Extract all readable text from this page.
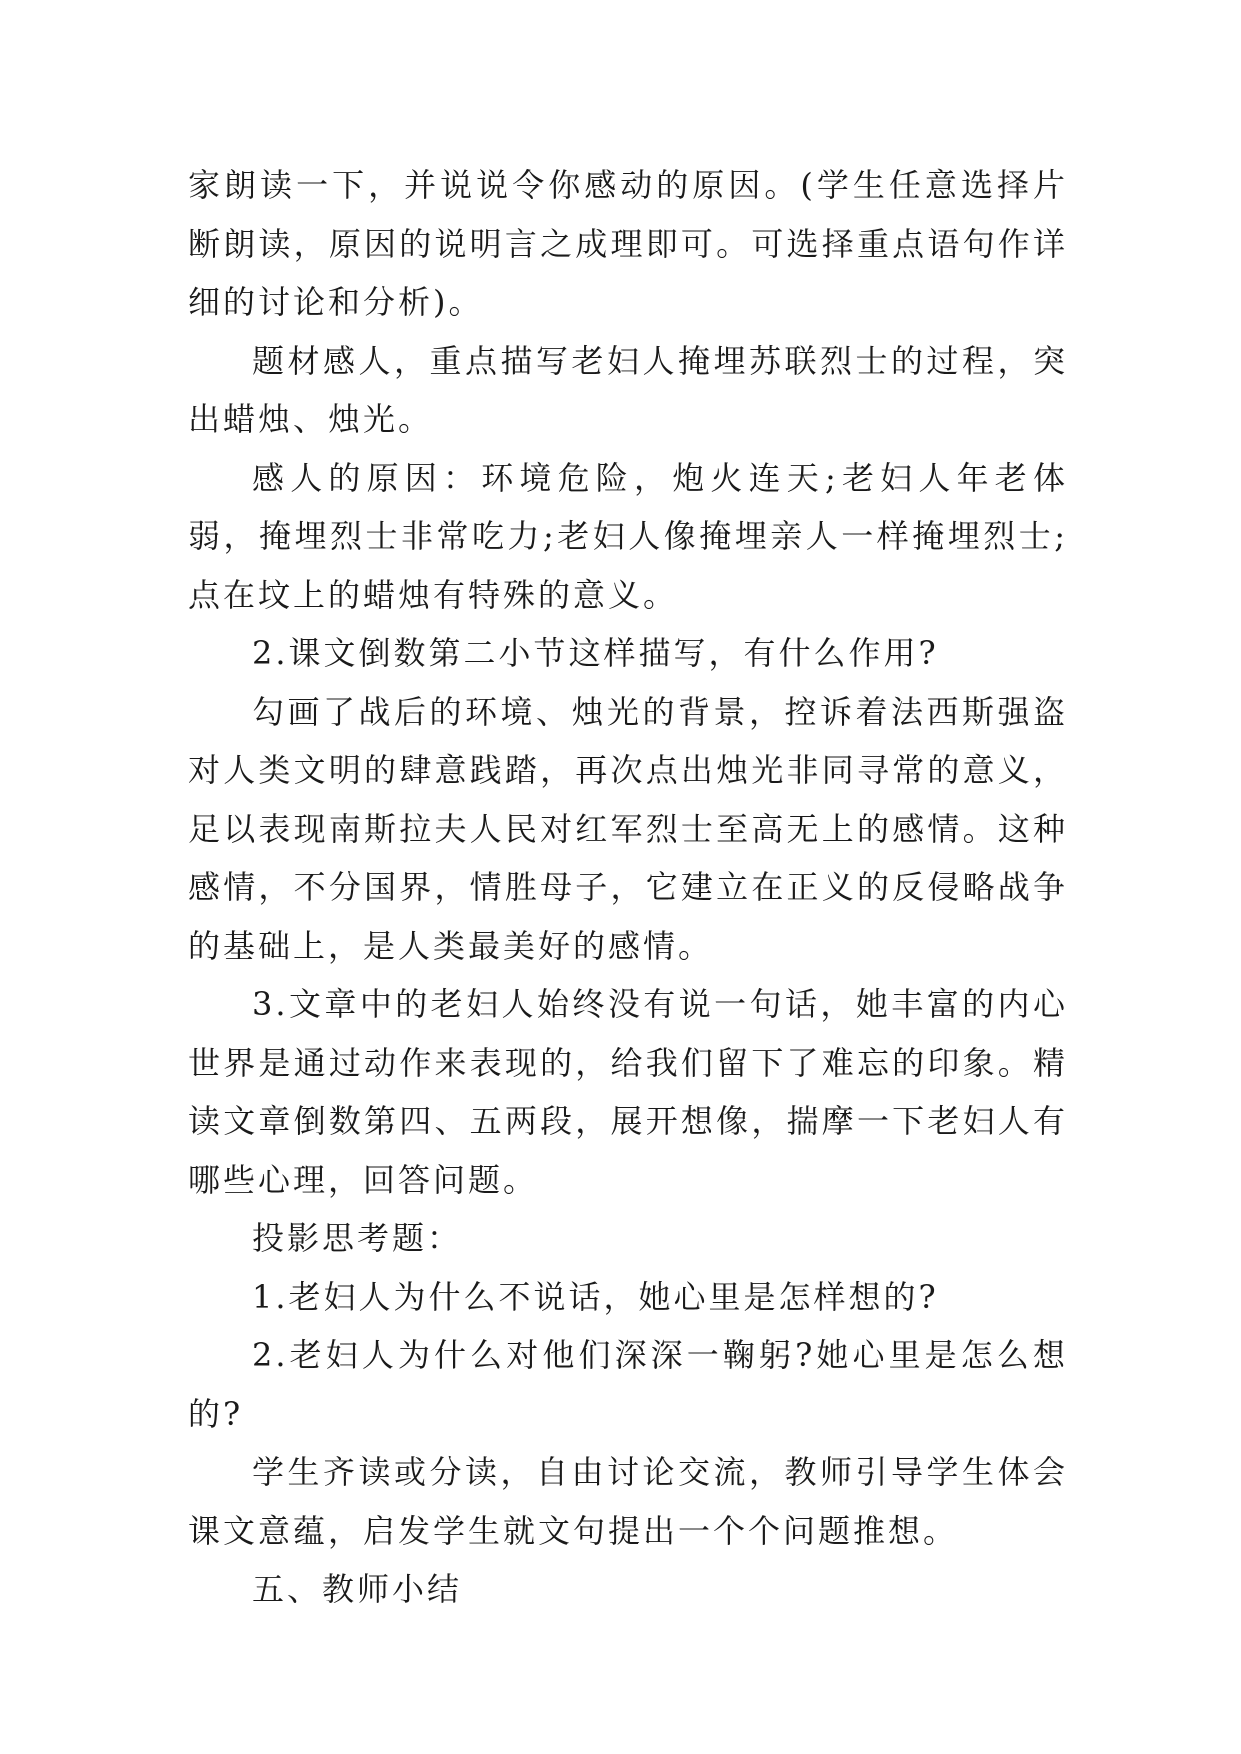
家朗读一下，并说说令你感动的原因。(学生任意选择片断朗读，原因的说明言之成理即可。可选择重点语句作详细的讨论和分析)。

题材感人，重点描写老妇人掩埋苏联烈士的过程，突出蜡烛、烛光。

感人的原因：环境危险，炮火连天;老妇人年老体弱，掩埋烈士非常吃力;老妇人像掩埋亲人一样掩埋烈士;点在坟上的蜡烛有特殊的意义。

2.课文倒数第二小节这样描写，有什么作用?

勾画了战后的环境、烛光的背景，控诉着法西斯强盗对人类文明的肆意践踏，再次点出烛光非同寻常的意义，足以表现南斯拉夫人民对红军烈士至高无上的感情。这种感情，不分国界，情胜母子，它建立在正义的反侵略战争的基础上，是人类最美好的感情。

3.文章中的老妇人始终没有说一句话，她丰富的内心世界是通过动作来表现的，给我们留下了难忘的印象。精读文章倒数第四、五两段，展开想像，揣摩一下老妇人有哪些心理，回答问题。

投影思考题：

1.老妇人为什么不说话，她心里是怎样想的?

2.老妇人为什么对他们深深一鞠躬?她心里是怎么想的?

学生齐读或分读，自由讨论交流，教师引导学生体会课文意蕴，启发学生就文句提出一个个问题推想。

五、教师小结
